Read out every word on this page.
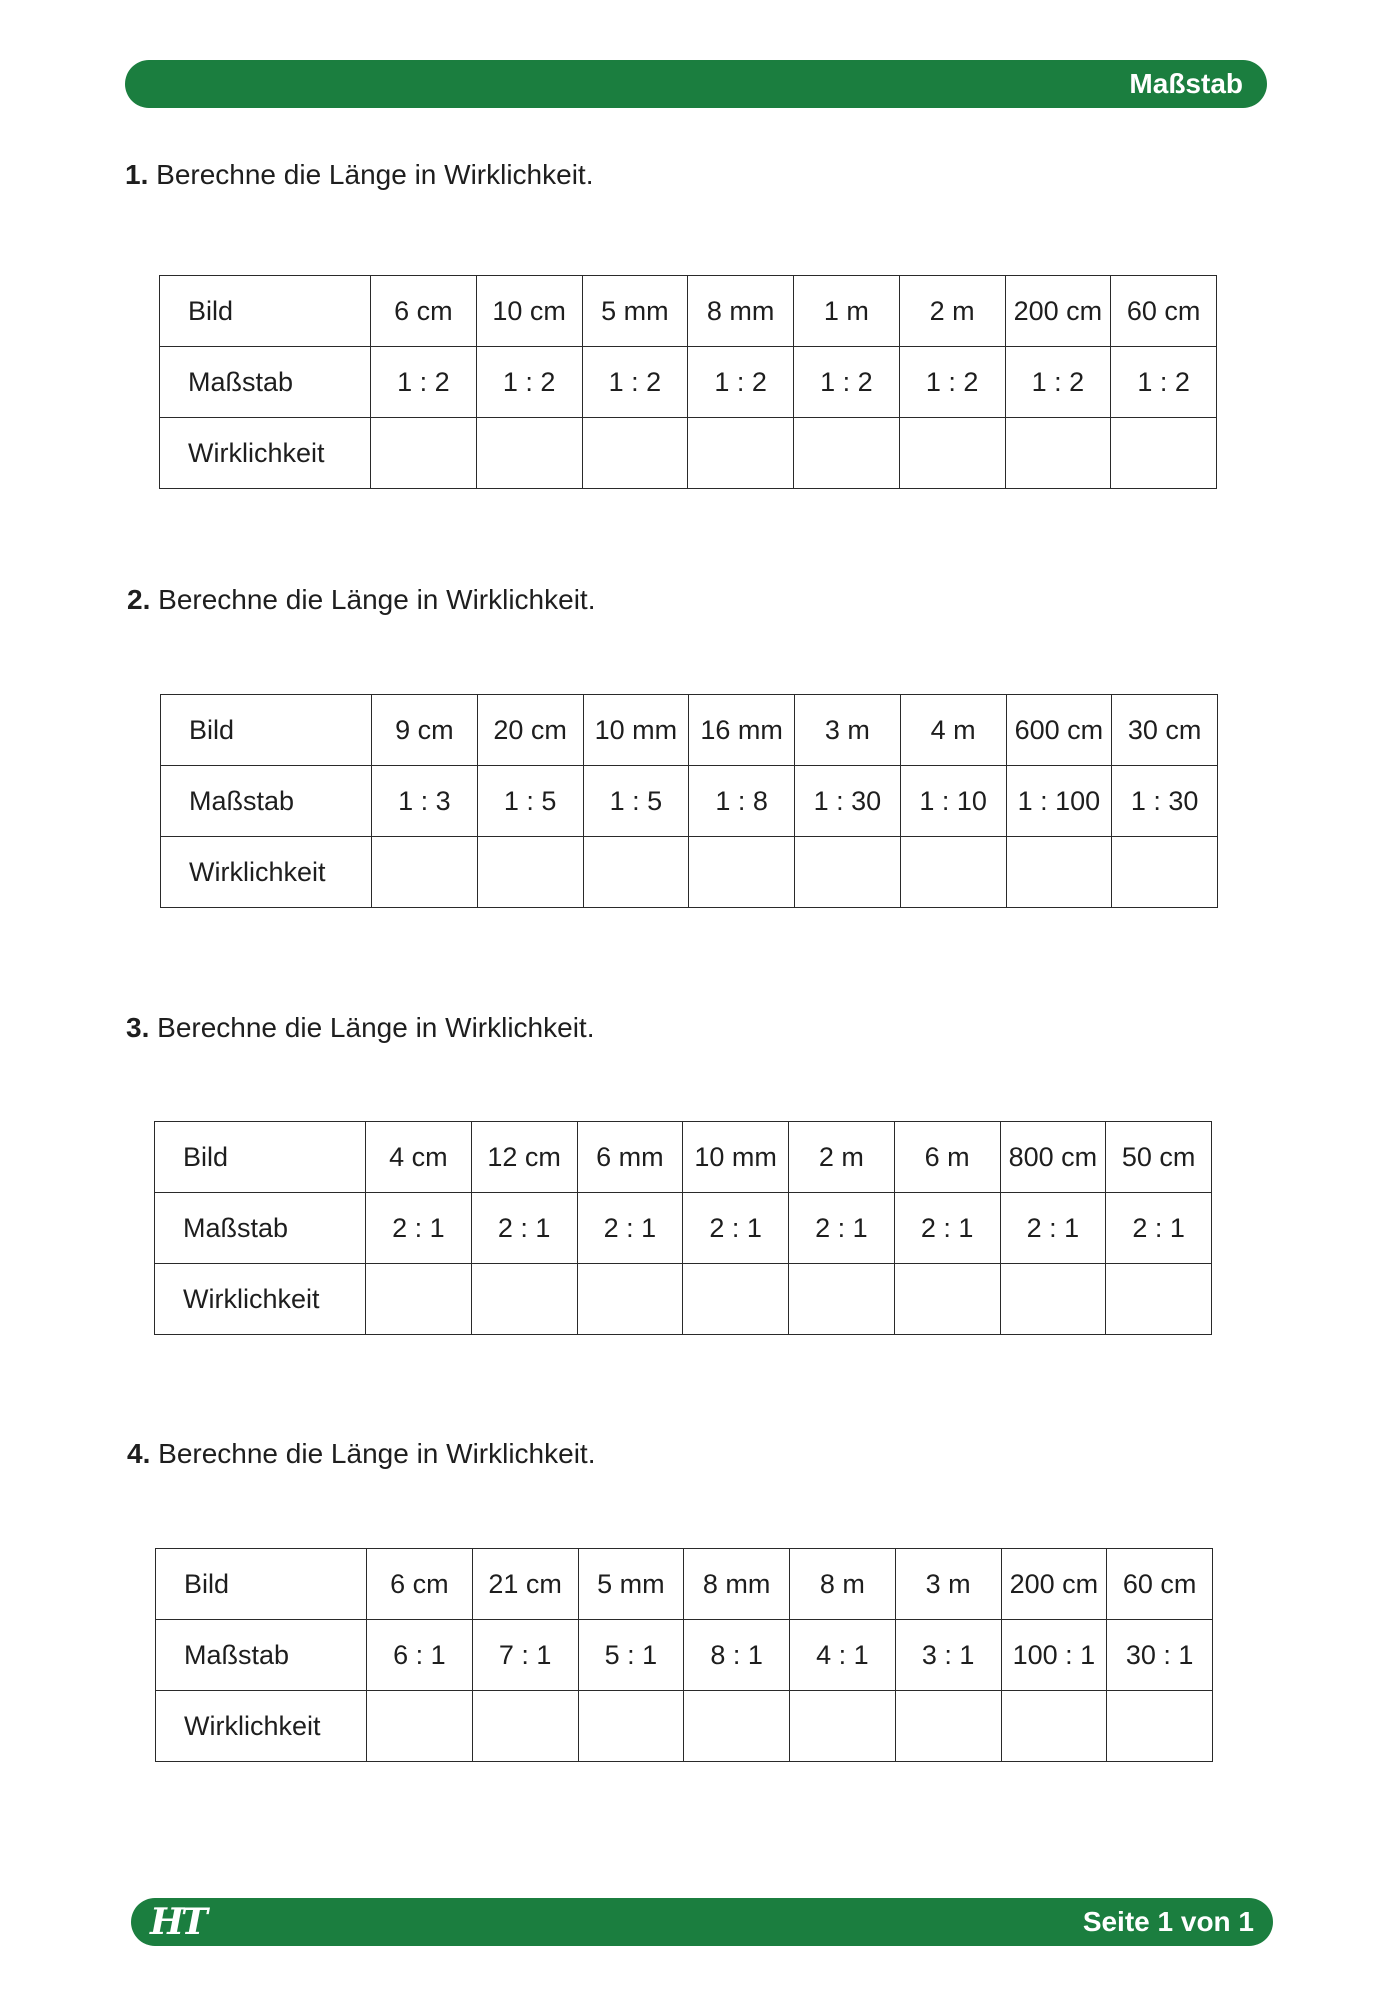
Maßstab

1. Berechne die Länge in Wirklichkeit.

Bild	6 cm	10 cm	5 mm	8 mm	1 m	2 m	200 cm	60 cm
Maßstab	1 : 2	1 : 2	1 : 2	1 : 2	1 : 2	1 : 2	1 : 2	1 : 2
Wirklichkeit								

2. Berechne die Länge in Wirklichkeit.

Bild	9 cm	20 cm	10 mm	16 mm	3 m	4 m	600 cm	30 cm
Maßstab	1 : 3	1 : 5	1 : 5	1 : 8	1 : 30	1 : 10	1 : 100	1 : 30
Wirklichkeit								

3. Berechne die Länge in Wirklichkeit.

Bild	4 cm	12 cm	6 mm	10 mm	2 m	6 m	800 cm	50 cm
Maßstab	2 : 1	2 : 1	2 : 1	2 : 1	2 : 1	2 : 1	2 : 1	2 : 1
Wirklichkeit								

4. Berechne die Länge in Wirklichkeit.

Bild	6 cm	21 cm	5 mm	8 mm	8 m	3 m	200 cm	60 cm
Maßstab	6 : 1	7 : 1	5 : 1	8 : 1	4 : 1	3 : 1	100 : 1	30 : 1
Wirklichkeit								
HT	Seite 1 von 1
